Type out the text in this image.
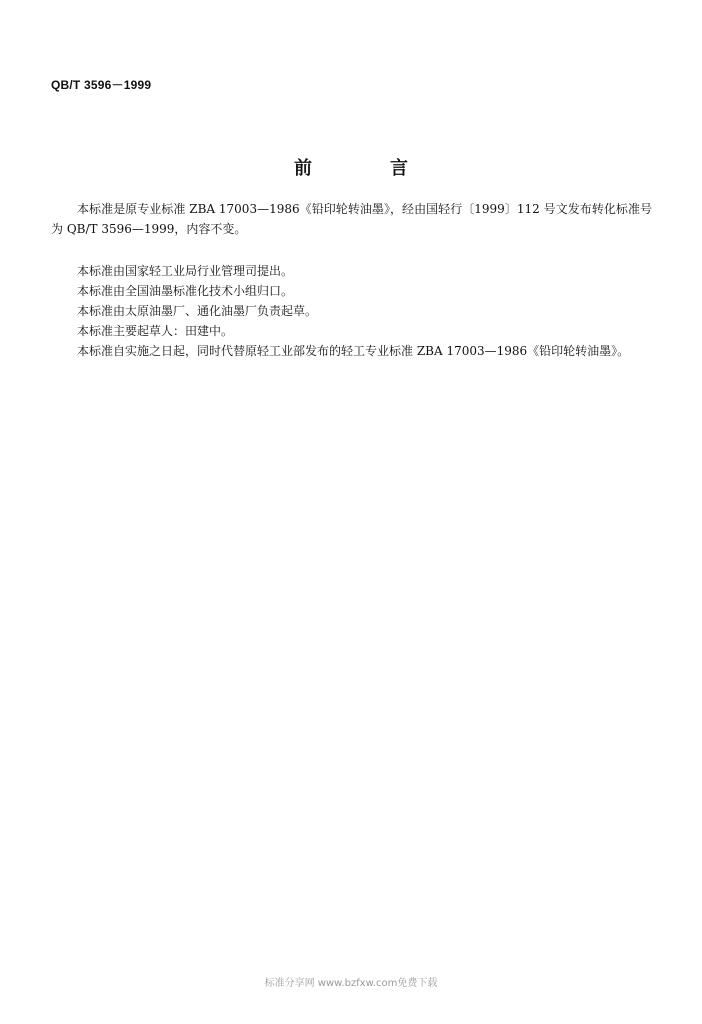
QB/T 3596－1999
前　言

本标准是原专业标准 ZBA 17003—1986《铅印轮转油墨》，经由国轻行〔1999〕112 号文发布转化标准号为 QB/T 3596—1999，内容不变。

本标准由国家轻工业局行业管理司提出。

本标准由全国油墨标准化技术小组归口。

本标准由太原油墨厂、通化油墨厂负责起草。

本标准主要起草人：田建中。

本标准自实施之日起，同时代替原轻工业部发布的轻工专业标准 ZBA 17003—1986《铅印轮转油墨》。

标准分享网 www.bzfxw.com免费下载
